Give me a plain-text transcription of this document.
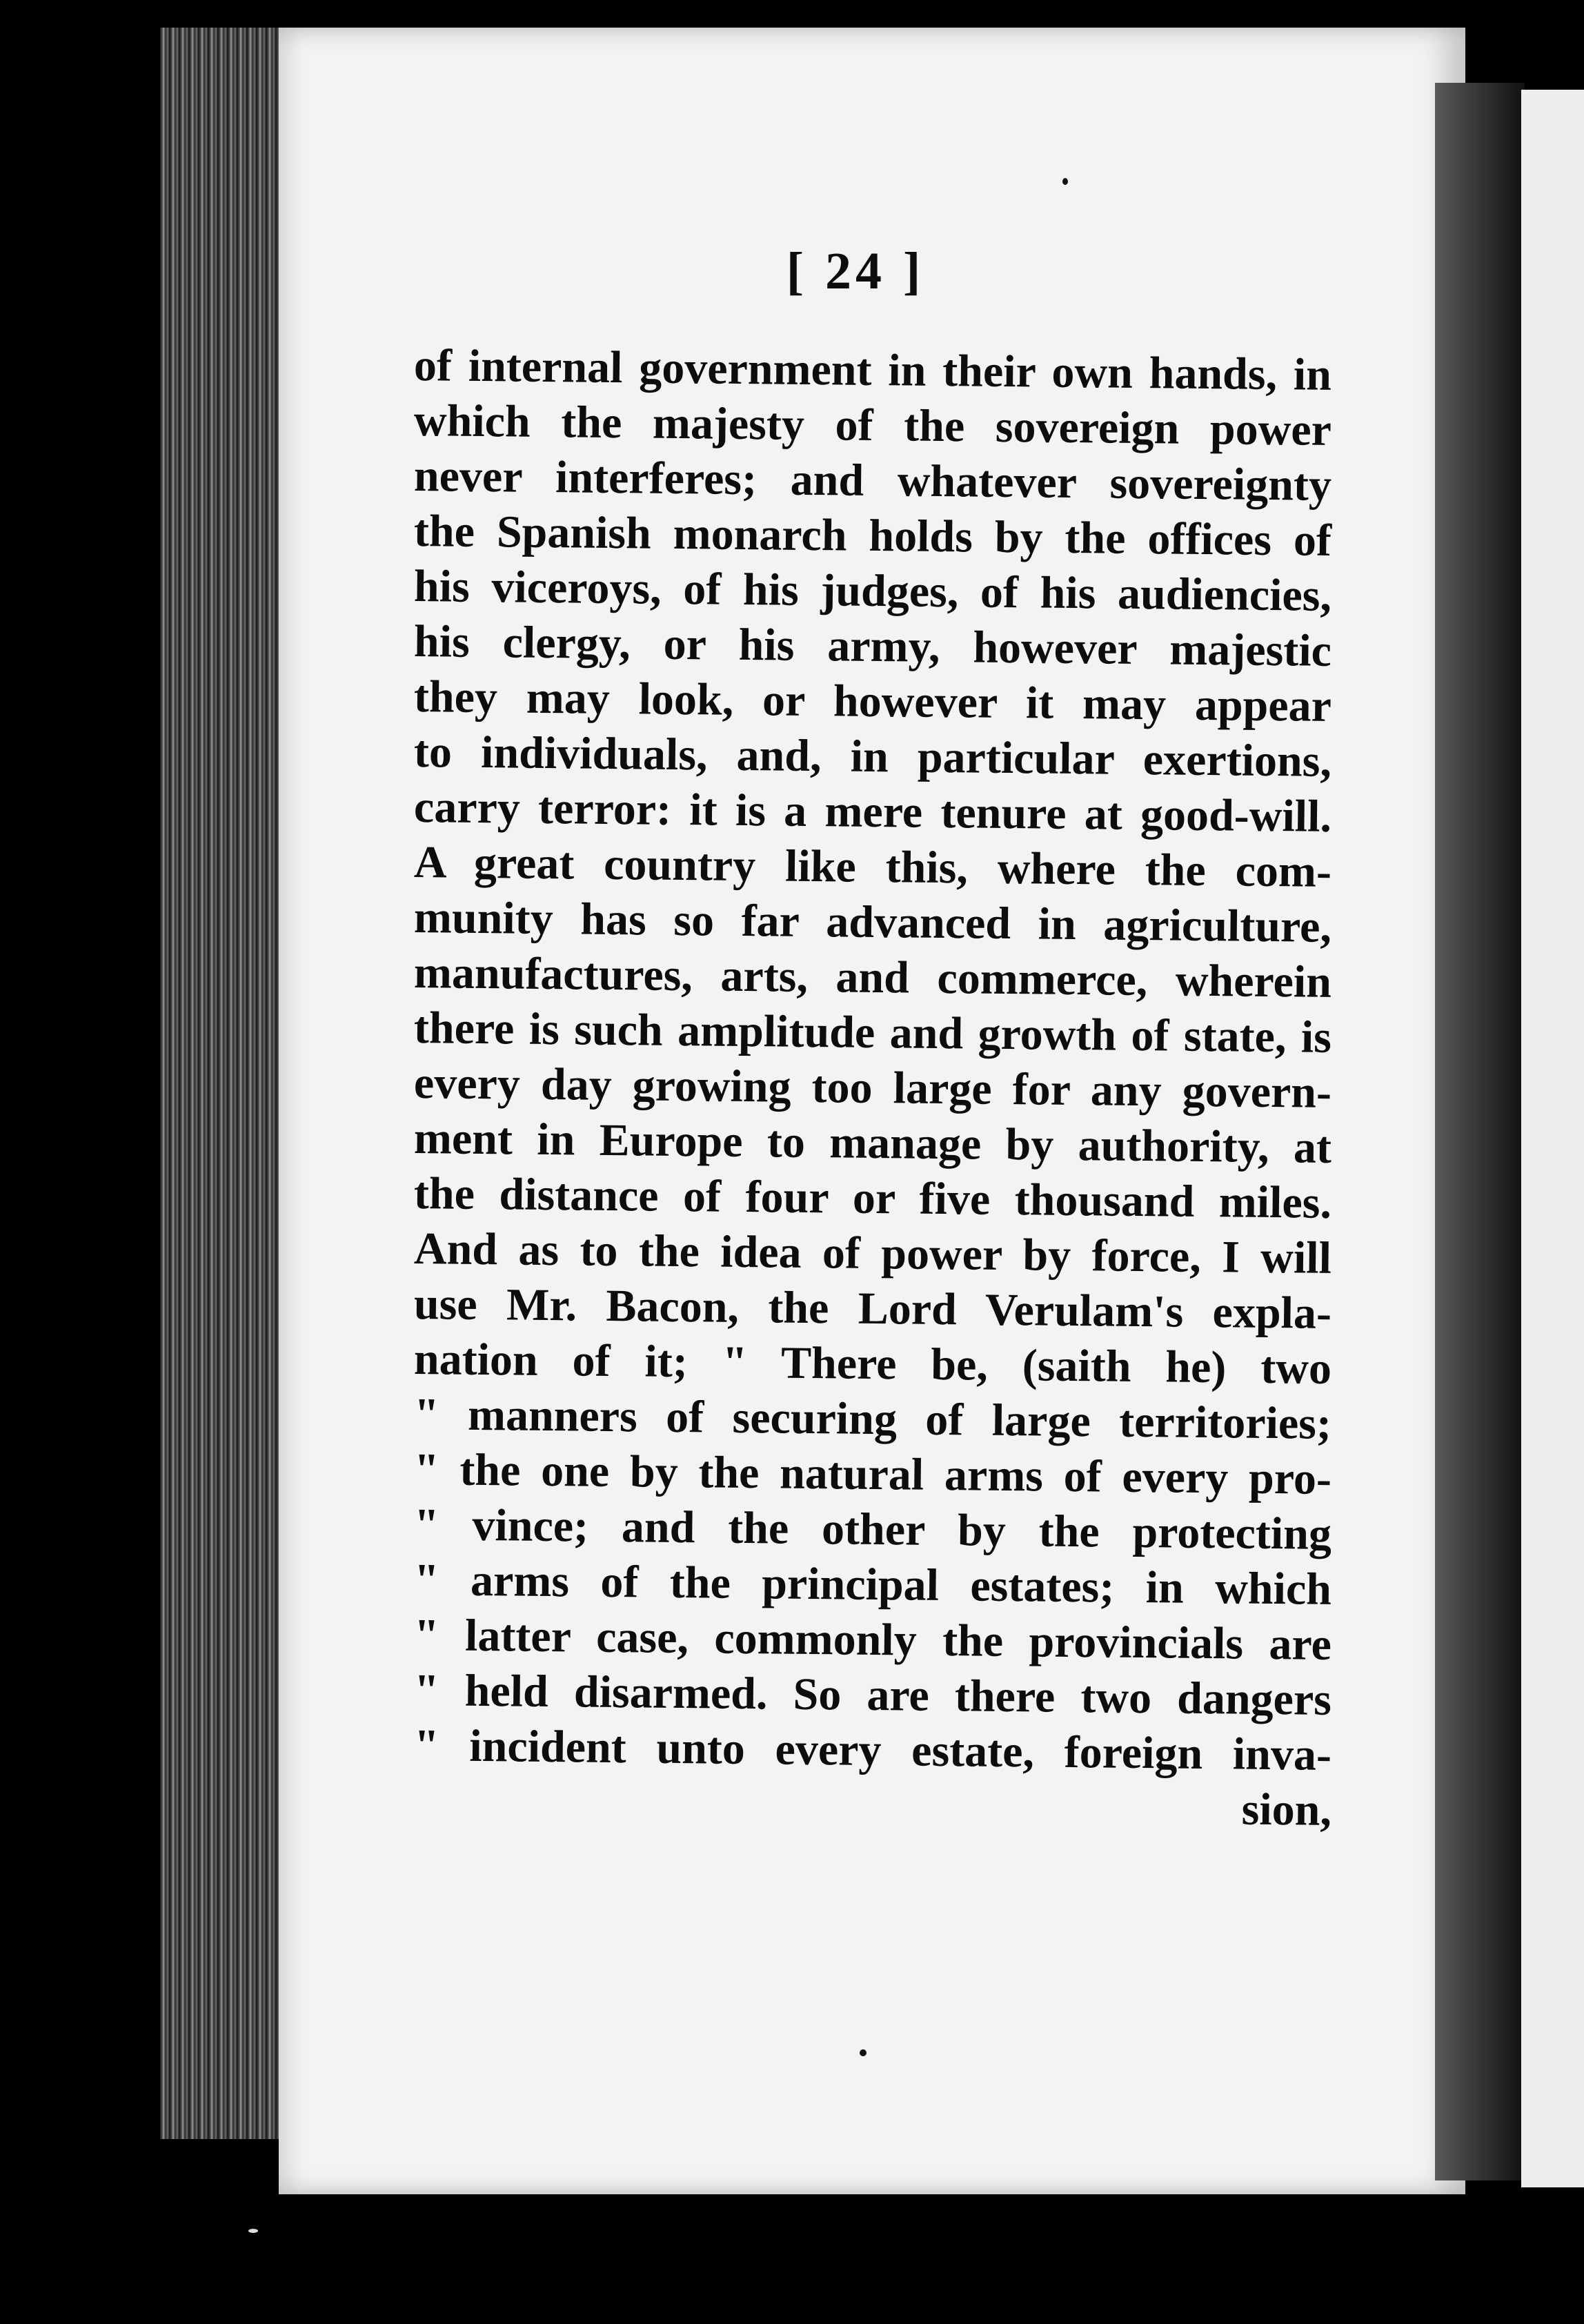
[ 24 ]
of internal government in their own hands, in
which the majesty of the sovereign power
never interferes; and whatever sovereignty
the Spanish monarch holds by the offices of
his viceroys, of his judges, of his audiencies,
his clergy, or his army, however majestic
they may look, or however it may appear
to individuals, and, in particular exertions,
carry terror: it is a mere tenure at good-will.
A great country like this, where the com-
munity has so far advanced in agriculture,
manufactures, arts, and commerce, wherein
there is such amplitude and growth of state, is
every day growing too large for any govern-
ment in Europe to manage by authority, at
the distance of four or five thousand miles.
And as to the idea of power by force, I will
use Mr. Bacon, the Lord Verulam's expla-
nation of it; " There be, (saith he) two
" manners of securing of large territories;
" the one by the natural arms of every pro-
" vince; and the other by the protecting
" arms of the principal estates; in which
" latter case, commonly the provincials are
" held disarmed. So are there two dangers
" incident unto every estate, foreign inva-
sion,
